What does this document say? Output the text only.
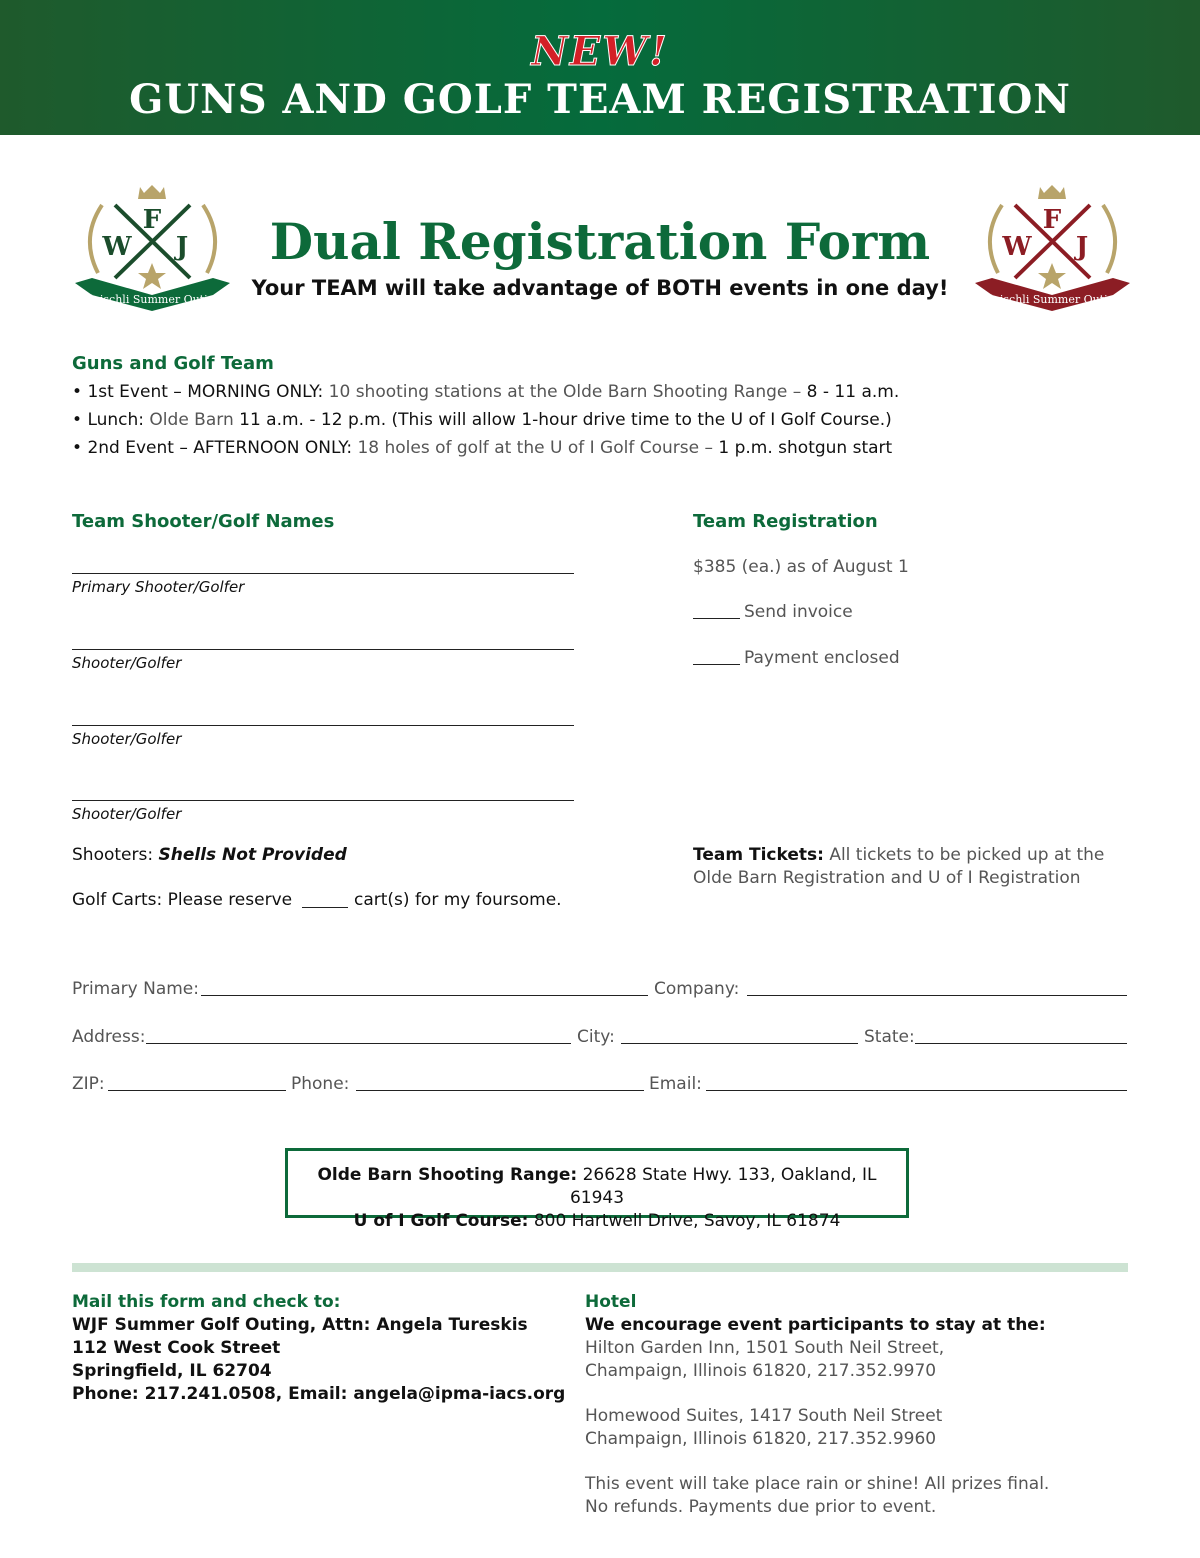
NEW!
GUNS AND GOLF TEAM REGISTRATION
F
W J
Fleischli Summer Outing
F
W J
Fleischli Summer Outing
Dual Registration Form
Your TEAM will take advantage of BOTH events in one day!
Guns and Golf Team
• 1st Event – MORNING ONLY: 10 shooting stations at the Olde Barn Shooting Range – 8 - 11 a.m.
• Lunch: Olde Barn 11 a.m. - 12 p.m. (This will allow 1-hour drive time to the U of I Golf Course.)
• 2nd Event – AFTERNOON ONLY: 18 holes of golf at the U of I Golf Course – 1 p.m. shotgun start
Team Shooter/Golf Names
Primary Shooter/Golfer
Shooter/Golfer
Shooter/Golfer
Shooter/Golfer
Shooters: Shells Not Provided
Golf Carts: Please reserve	cart(s) for my foursome.
Team Registration
$385 (ea.) as of August 1
Send invoice
Payment enclosed
Team Tickets: All tickets to be picked up at the
Olde Barn Registration and U of I Registration
Primary Name:	Company:
Address:	City:	State:
ZIP:	Phone:	Email:
Olde Barn Shooting Range: 26628 State Hwy. 133, Oakland, IL 61943
U of I Golf Course: 800 Hartwell Drive, Savoy, IL 61874
Mail this form and check to:
WJF Summer Golf Outing, Attn: Angela Tureskis
112 West Cook Street
Springfield, IL 62704
Phone: 217.241.0508, Email: angela@ipma-iacs.org
Hotel
We encourage event participants to stay at the:
Hilton Garden Inn, 1501 South Neil Street,
Champaign, Illinois 61820, 217.352.9970
Homewood Suites, 1417 South Neil Street
Champaign, Illinois 61820, 217.352.9960
This event will take place rain or shine! All prizes final.
No refunds. Payments due prior to event.
